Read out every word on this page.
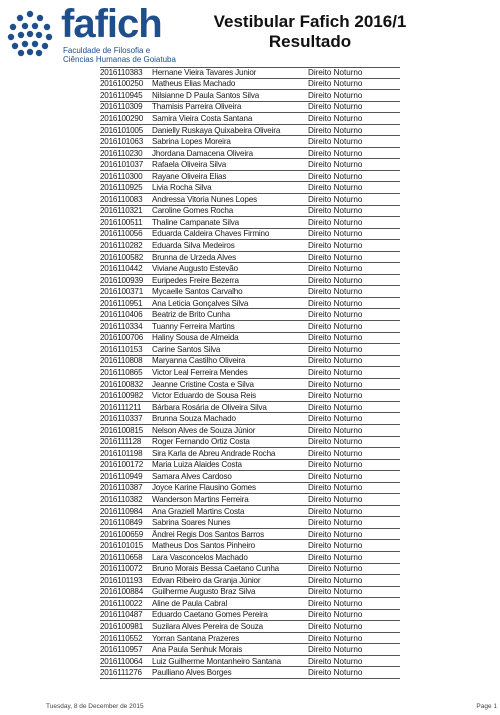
fafich
Faculdade de Filosofia e
Ciências Humanas de Goiatuba
Vestibular Fafich 2016/1
Resultado
2016110383	Hernane Vieira Tavares Junior	Direito Noturno
2016100250	Matheus Elias Machado	Direito Noturno
2016110945	Nilsianne D Paula Santos Silva	Direito Noturno
2016110309	Thamisis Parreira Oliveira	Direito Noturno
2016100290	Samira Vieira Costa Santana	Direito Noturno
2016101005	Danielly Ruskaya Quixabeira Oliveira	Direito Noturno
2016101063	Sabrina Lopes Moreira	Direito Noturno
2016110230	Jhordana Damacena Oliveira	Direito Noturno
2016101037	Rafaela Oliveira Silva	Direito Noturno
2016110300	Rayane Oliveira Elias	Direito Noturno
2016110925	Livia Rocha Silva	Direito Noturno
2016110083	Andressa Vitoria Nunes Lopes	Direito Noturno
2016110321	Caroline Gomes Rocha	Direito Noturno
2016100511	Thaline Campanate Silva	Direito Noturno
2016110056	Eduarda Caldeira Chaves Firmino	Direito Noturno
2016110282	Eduarda Silva Medeiros	Direito Noturno
2016100582	Brunna de Urzeda Alves	Direito Noturno
2016110442	Viviane Augusto Estevão	Direito Noturno
2016100939	Euripedes Freire Bezerra	Direito Noturno
2016100371	Mycaelle Santos Carvalho	Direito Noturno
2016110951	Ana Leticia Gonçalves Silva	Direito Noturno
2016110406	Beatriz de Brito Cunha	Direito Noturno
2016110334	Tuanny Ferreira Martins	Direito Noturno
2016100706	Haliny Sousa de Almeida	Direito Noturno
2016110153	Carine Santos Silva	Direito Noturno
2016110808	Maryanna Castilho Oliveira	Direito Noturno
2016110865	Victor Leal Ferreira Mendes	Direito Noturno
2016100832	Jeanne Cristine Costa e Silva	Direito Noturno
2016100982	Victor Eduardo de Sousa Reis	Direito Noturno
2016111211	Bárbara Rosária de Oliveira Silva	Direito Noturno
2016110337	Brunna Souza Machado	Direito Noturno
2016100815	Nelson Alves de Souza Júnior	Direito Noturno
2016111128	Roger Fernando Ortiz Costa	Direito Noturno
2016101198	Sira Karla de Abreu Andrade Rocha	Direito Noturno
2016100172	Maria Luiza Alaides Costa	Direito Noturno
2016110949	Samara Alves Cardoso	Direito Noturno
2016110387	Joyce Karine Flausino Gomes	Direito Noturno
2016110382	Wanderson Martins Ferreira	Direito Noturno
2016110984	Ana Graziell Martins Costa	Direito Noturno
2016110849	Sabrina Soares Nunes	Direito Noturno
2016100659	Ândrei Regis Dos Santos Barros	Direito Noturno
2016101015	Matheus Dos Santos Pinheiro	Direito Noturno
2016110658	Lara Vasconcelos Machado	Direito Noturno
2016110072	Bruno Morais Bessa Caetano Cunha	Direito Noturno
2016101193	Edvan Ribeiro da Granja Júnior	Direito Noturno
2016100884	Guilherme Augusto Braz Silva	Direito Noturno
2016110022	Aline de Paula Cabral	Direito Noturno
2016110487	Eduardo Caetano Gomes Pereira	Direito Noturno
2016100981	Suzilara Alves Pereira de Souza	Direito Noturno
2016110552	Yorran Santana Prazeres	Direito Noturno
2016110957	Ana Paula Senhuk Morais	Direito Noturno
2016110064	Luiz Guilherme Montanheiro Santana	Direito Noturno
2016111276	Paulliano Alves Borges	Direito Noturno
Tuesday, 8 de December de 2015	Page 1
